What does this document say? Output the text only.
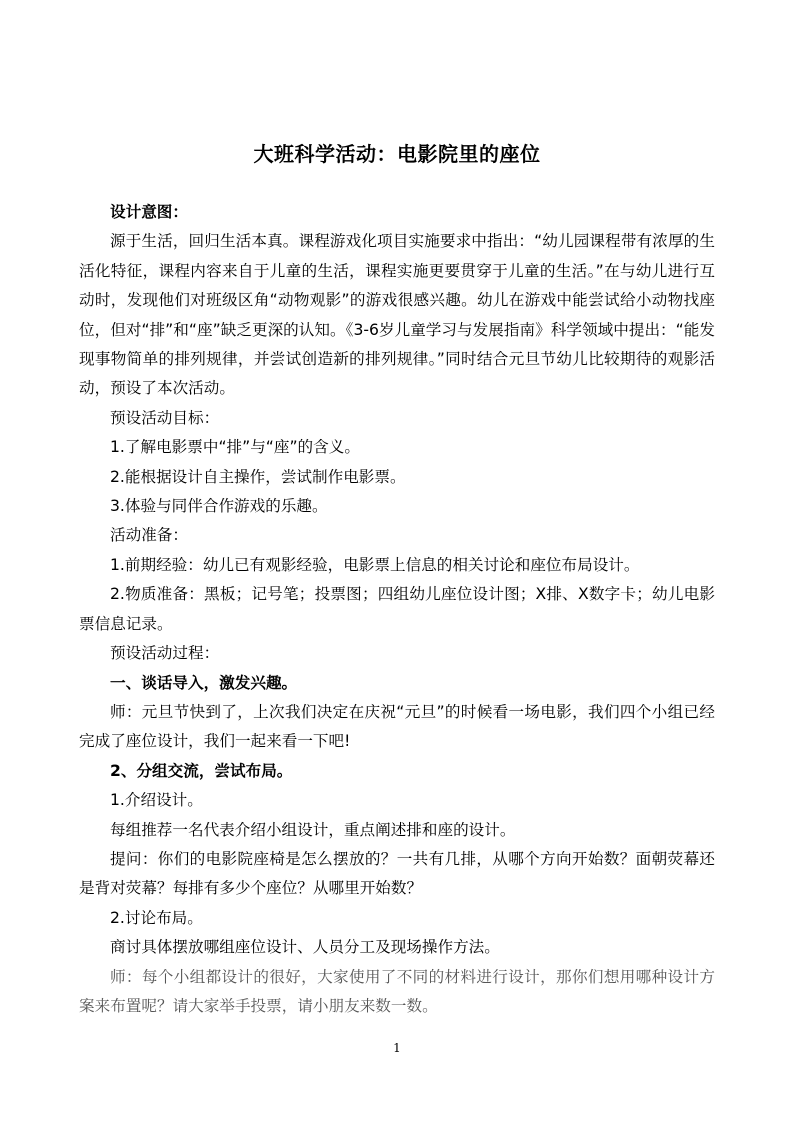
大班科学活动：电影院里的座位

设计意图：

源于生活，回归生活本真。课程游戏化项目实施要求中指出：“幼儿园课程带有浓厚的生活化特征，课程内容来自于儿童的生活，课程实施更要贯穿于儿童的生活。”在与幼儿进行互动时，发现他们对班级区角“动物观影”的游戏很感兴趣。幼儿在游戏中能尝试给小动物找座位，但对“排”和“座”缺乏更深的认知。《3-6岁儿童学习与发展指南》科学领域中提出：“能发现事物简单的排列规律，并尝试创造新的排列规律。”同时结合元旦节幼儿比较期待的观影活动，预设了本次活动。

预设活动目标：

1.了解电影票中“排”与“座”的含义。

2.能根据设计自主操作，尝试制作电影票。

3.体验与同伴合作游戏的乐趣。

活动准备：

1.前期经验：幼儿已有观影经验，电影票上信息的相关讨论和座位布局设计。

2.物质准备：黑板；记号笔；投票图；四组幼儿座位设计图；X排、X数字卡；幼儿电影票信息记录。

预设活动过程：

一、谈话导入，激发兴趣。

师：元旦节快到了，上次我们决定在庆祝“元旦”的时候看一场电影，我们四个小组已经完成了座位设计，我们一起来看一下吧!

2、分组交流，尝试布局。

1.介绍设计。

每组推荐一名代表介绍小组设计，重点阐述排和座的设计。

提问：你们的电影院座椅是怎么摆放的？一共有几排，从哪个方向开始数？面朝荧幕还是背对荧幕？每排有多少个座位？从哪里开始数？

2.讨论布局。

商讨具体摆放哪组座位设计、人员分工及现场操作方法。

师：每个小组都设计的很好，大家使用了不同的材料进行设计，那你们想用哪种设计方案来布置呢？请大家举手投票，请小朋友来数一数。

1
